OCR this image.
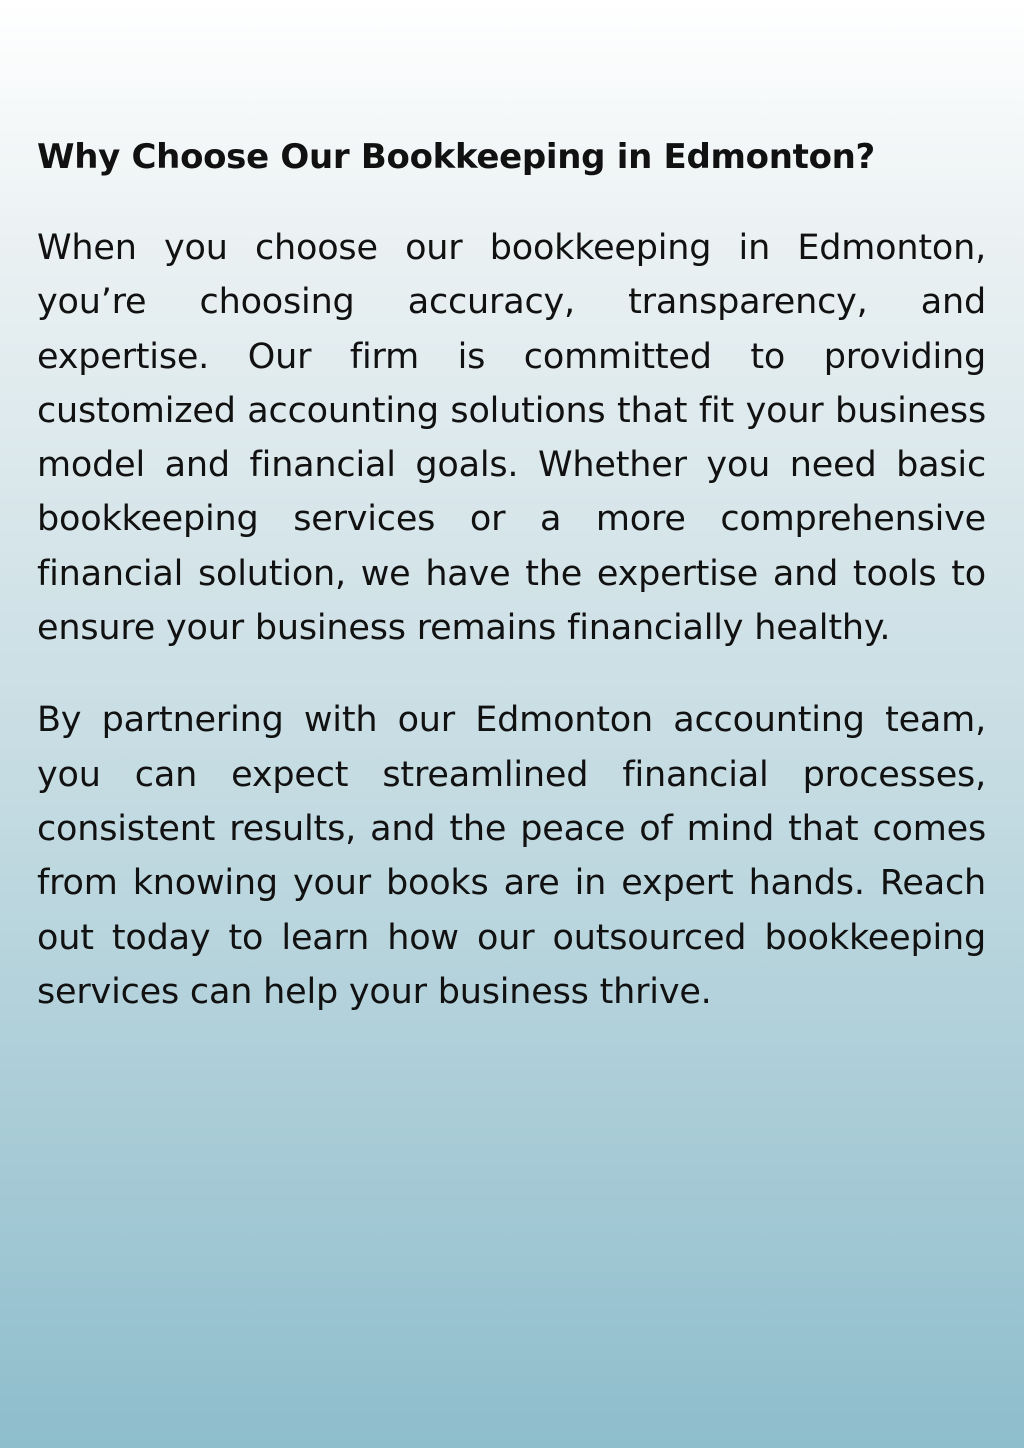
Why Choose Our Bookkeeping in Edmonton?

When you choose our bookkeeping in Edmonton, you’re choosing accuracy, transparency, and expertise. Our firm is committed to providing customized accounting solutions that fit your business model and financial goals. Whether you need basic bookkeeping services or a more comprehensive financial solution, we have the expertise and tools to ensure your business remains financially healthy.

By partnering with our Edmonton accounting team, you can expect streamlined financial processes, consistent results, and the peace of mind that comes from knowing your books are in expert hands. Reach out today to learn how our outsourced bookkeeping services can help your business thrive.
